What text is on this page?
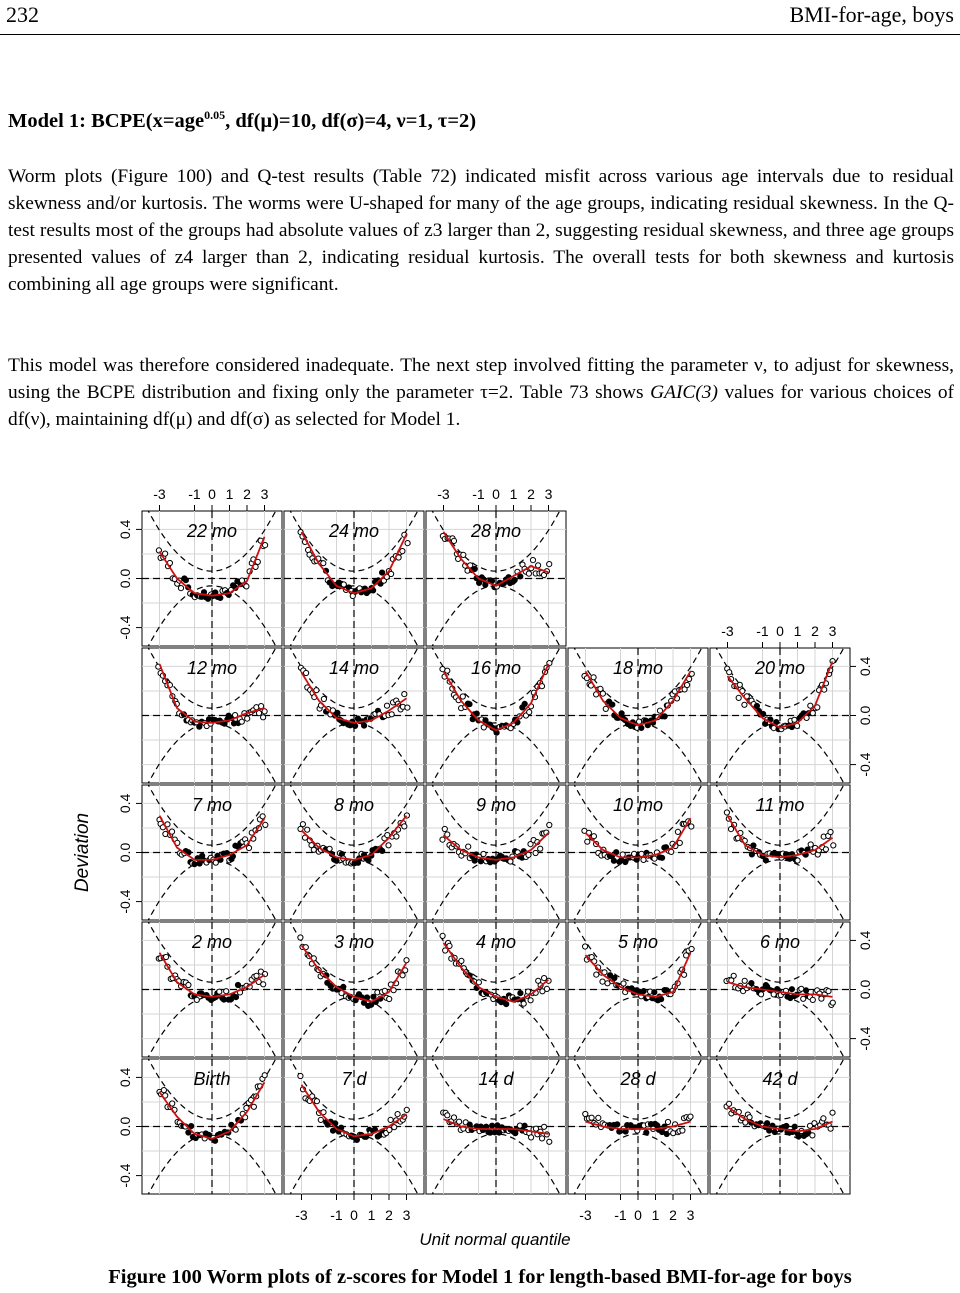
232	BMI-for-age, boys
Model 1: BCPE(x=age$^{0.05}$, df(μ)=10, df(σ)=4, ν=1, τ=2)
Worm plots (Figure 100) and Q-test results (Table 72) indicated misfit across various age intervals due to residual skewness and/or kurtosis. The worms were U-shaped for many of the age groups, indicating residual skewness. In the Q-test results most of the groups had absolute values of z3 larger than 2, suggesting residual skewness, and three age groups presented values of z4 larger than 2, indicating residual kurtosis. The overall tests for both skewness and kurtosis combining all age groups were significant.
This model was therefore considered inadequate. The next step involved fitting the parameter ν, to adjust for skewness, using the BCPE distribution and fixing only the parameter τ=2. Table 73 shows GAIC(3) values for various choices of df(ν), maintaining df(μ) and df(σ) as selected for Model 1.
22 mo	24 mo	28 mo
12 mo	14 mo	16 mo	18 mo	20 mo
7 mo	8 mo	9 mo	10 mo	11 mo
2 mo	3 mo	4 mo	5 mo	6 mo
Birth	7 d	14 d	28 d	42 d
-3 -1 0 1 2 3	-3 -1 0 1 2 3
-3 -1 0 1 2 3
-3 -1 0 1 2 3	-3 -1 0 1 2 3
-0.4
0.0
0.4
-0.4
0.0
0.4
-0.4
0.0
0.4
-0.4
0.0
0.4
-0.4
0.0
0.4
Unit normal quantile
Deviation
Figure 100 Worm plots of z-scores for Model 1 for length-based BMI-for-age for boys
